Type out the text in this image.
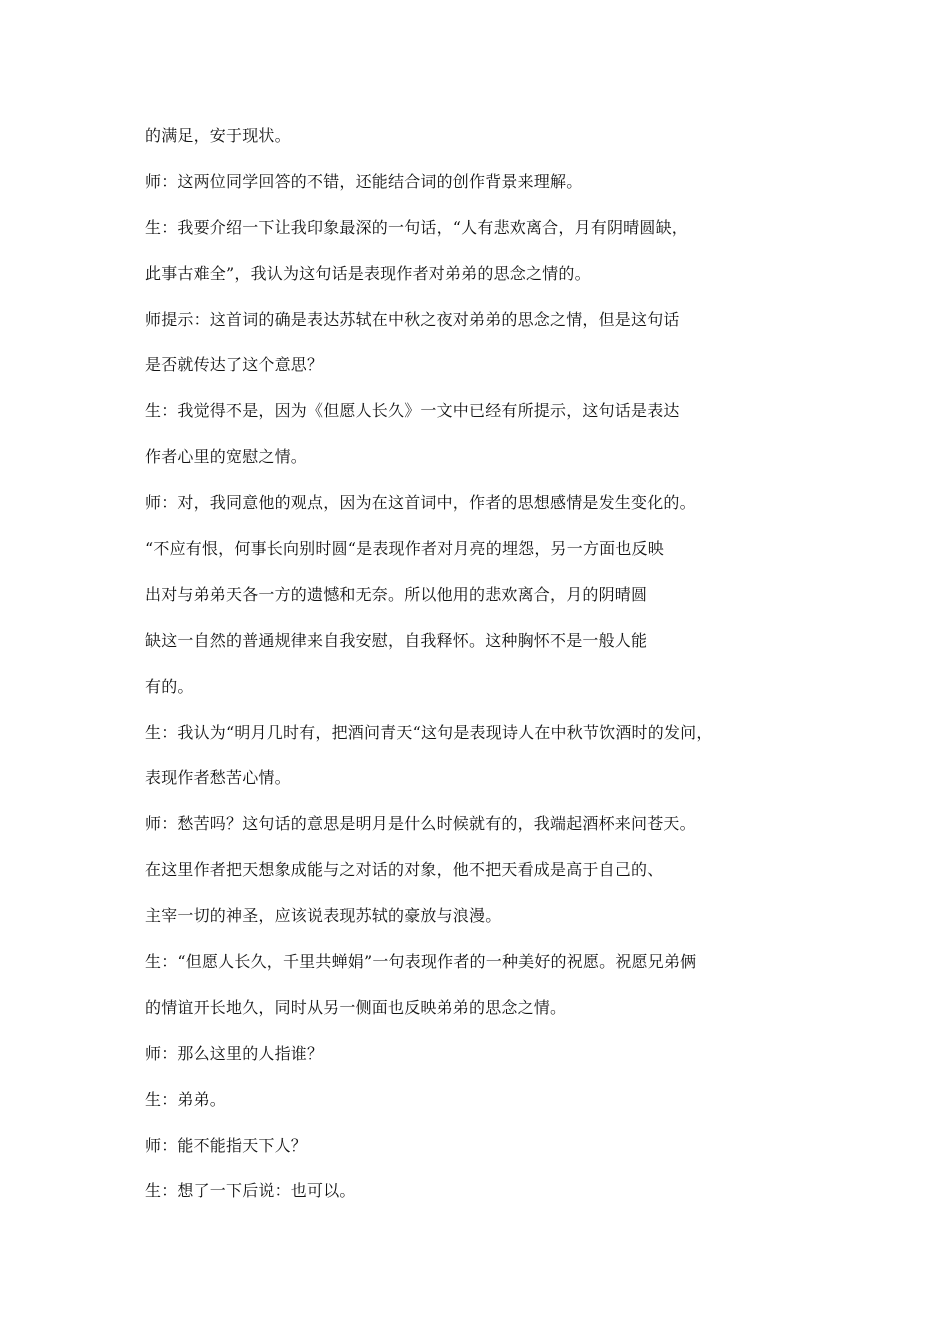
的满足，安于现状。
师：这两位同学回答的不错，还能结合词的创作背景来理解。
生：我要介绍一下让我印象最深的一句话，“人有悲欢离合，月有阴晴圆缺，
此事古难全”，我认为这句话是表现作者对弟弟的思念之情的。
师提示：这首词的确是表达苏轼在中秋之夜对弟弟的思念之情，但是这句话
是否就传达了这个意思？
生：我觉得不是，因为《但愿人长久》一文中已经有所提示，这句话是表达
作者心里的宽慰之情。
师：对，我同意他的观点，因为在这首词中，作者的思想感情是发生变化的。
“不应有恨，何事长向别时圆“是表现作者对月亮的埋怨，另一方面也反映
出对与弟弟天各一方的遗憾和无奈。所以他用的悲欢离合，月的阴晴圆
缺这一自然的普通规律来自我安慰，自我释怀。这种胸怀不是一般人能
有的。
生：我认为“明月几时有，把酒问青天“这句是表现诗人在中秋节饮酒时的发问，
表现作者愁苦心情。
师：愁苦吗？这句话的意思是明月是什么时候就有的，我端起酒杯来问苍天。
在这里作者把天想象成能与之对话的对象，他不把天看成是高于自己的、
主宰一切的神圣，应该说表现苏轼的豪放与浪漫。
生：“但愿人长久，千里共蝉娟”一句表现作者的一种美好的祝愿。祝愿兄弟俩
的情谊开长地久，同时从另一侧面也反映弟弟的思念之情。
师：那么这里的人指谁？
生：弟弟。
师：能不能指天下人？
生：想了一下后说：也可以。
